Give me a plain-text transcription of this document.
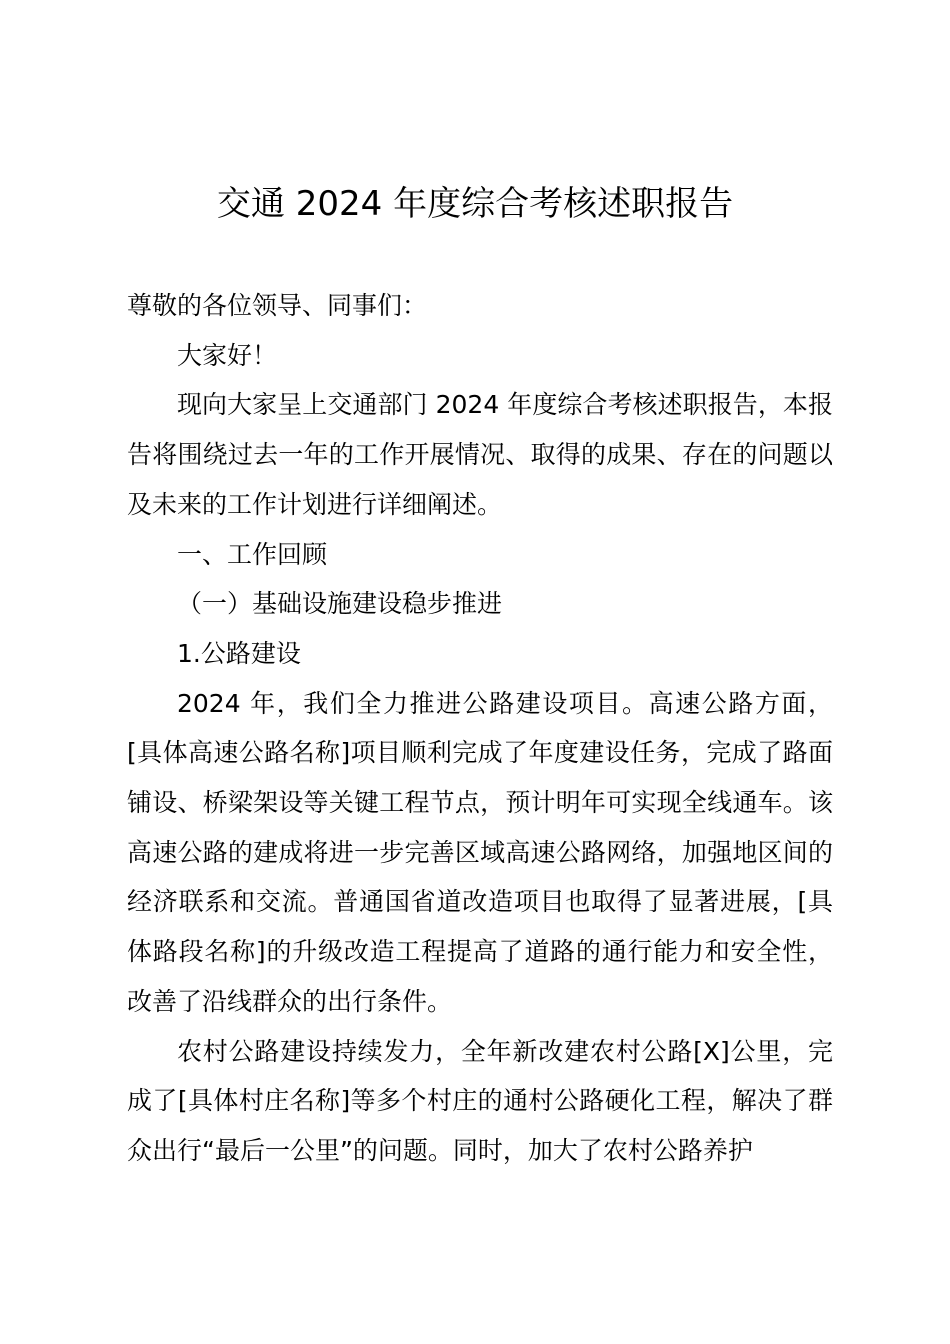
交通 2024 年度综合考核述职报告

尊敬的各位领导、同事们：

大家好！

现向大家呈上交通部门 2024 年度综合考核述职报告，本报告将围绕过去一年的工作开展情况、取得的成果、存在的问题以及未来的工作计划进行详细阐述。

一、工作回顾

（一）基础设施建设稳步推进

1.公路建设

2024 年，我们全力推进公路建设项目。高速公路方面，[具体高速公路名称]项目顺利完成了年度建设任务，完成了路面铺设、桥梁架设等关键工程节点，预计明年可实现全线通车。该高速公路的建成将进一步完善区域高速公路网络，加强地区间的经济联系和交流。普通国省道改造项目也取得了显著进展，[具体路段名称]的升级改造工程提高了道路的通行能力和安全性，改善了沿线群众的出行条件。

农村公路建设持续发力，全年新改建农村公路[X]公里，完成了[具体村庄名称]等多个村庄的通村公路硬化工程，解决了群众出行“最后一公里”的问题。同时，加大了农村公路养护
